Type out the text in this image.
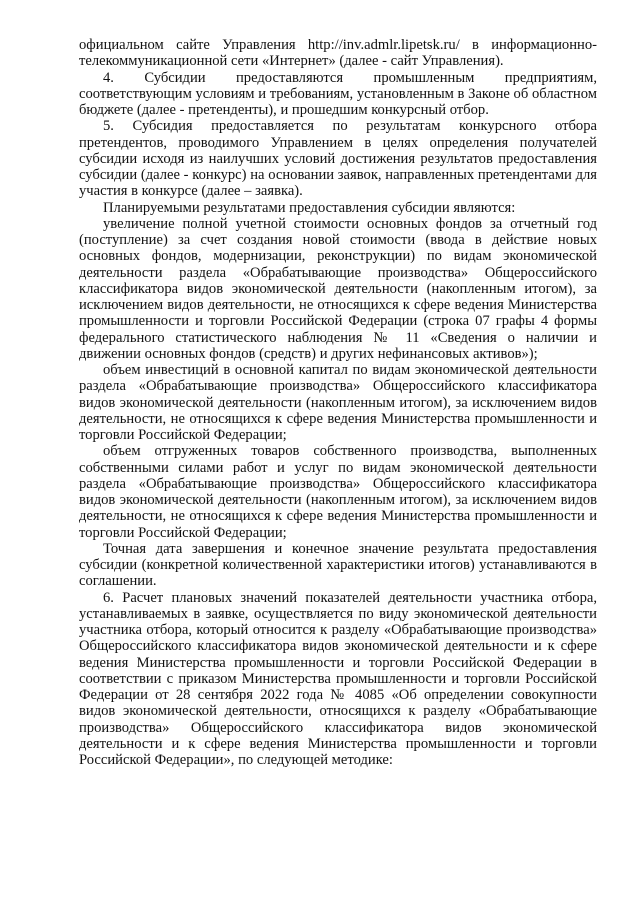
официальном сайте Управления http://inv.admlr.lipetsk.ru/ в информационно-телекоммуникационной сети «Интернет» (далее - сайт Управления).

4. Субсидии предоставляются промышленным предприятиям, соответствующим условиям и требованиям, установленным в Законе об областном бюджете (далее - претенденты), и прошедшим конкурсный отбор.

5. Субсидия предоставляется по результатам конкурсного отбора претендентов, проводимого Управлением в целях определения получателей субсидии исходя из наилучших условий достижения результатов предоставления субсидии (далее - конкурс) на основании заявок, направленных претендентами для участия в конкурсе (далее – заявка).

Планируемыми результатами предоставления субсидии являются:

увеличение полной учетной стоимости основных фондов за отчетный год (поступление) за счет создания новой стоимости (ввода в действие новых основных фондов, модернизации, реконструкции) по видам экономической деятельности раздела «Обрабатывающие производства» Общероссийского классификатора видов экономической деятельности (накопленным итогом), за исключением видов деятельности, не относящихся к сфере ведения Министерства промышленности и торговли Российской Федерации (строка 07 графы 4 формы федерального статистического наблюдения № 11 «Сведения о наличии и движении основных фондов (средств) и других нефинансовых активов»);

объем инвестиций в основной капитал по видам экономической деятельности раздела «Обрабатывающие производства» Общероссийского классификатора видов экономической деятельности (накопленным итогом), за исключением видов деятельности, не относящихся к сфере ведения Министерства промышленности и торговли Российской Федерации;

объем отгруженных товаров собственного производства, выполненных собственными силами работ и услуг по видам экономической деятельности раздела «Обрабатывающие производства» Общероссийского классификатора видов экономической деятельности (накопленным итогом), за исключением видов деятельности, не относящихся к сфере ведения Министерства промышленности и торговли Российской Федерации;

Точная дата завершения и конечное значение результата предоставления субсидии (конкретной количественной характеристики итогов) устанавливаются в соглашении.

6. Расчет плановых значений показателей деятельности участника отбора, устанавливаемых в заявке, осуществляется по виду экономической деятельности участника отбора, который относится к разделу «Обрабатывающие производства» Общероссийского классификатора видов экономической деятельности и к сфере ведения Министерства промышленности и торговли Российской Федерации в соответствии с приказом Министерства промышленности и торговли Российской Федерации от 28 сентября 2022 года № 4085 «Об определении совокупности видов экономической деятельности, относящихся к разделу «Обрабатывающие производства» Общероссийского классификатора видов экономической деятельности и к сфере ведения Министерства промышленности и торговли Российской Федерации», по следующей методике:
